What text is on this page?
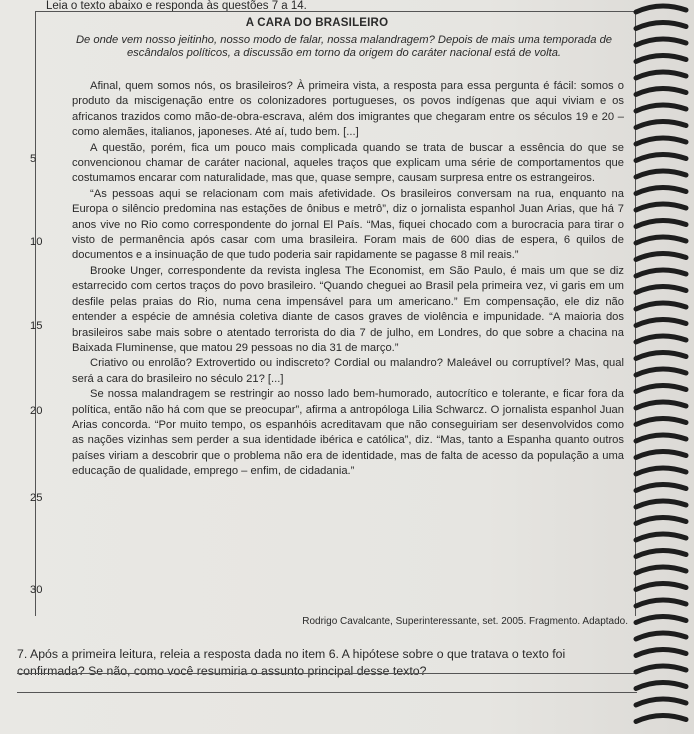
Leia o texto abaixo e responda às questões 7 a 14.
A CARA DO BRASILEIRO
De onde vem nosso jeitinho, nosso modo de falar, nossa malandragem? Depois de mais uma temporada de escândalos políticos, a discussão em torno da origem do caráter nacional está de volta.

Afinal, quem somos nós, os brasileiros? À primeira vista, a resposta para essa pergunta é fácil: somos o produto da miscigenação entre os colonizadores portugueses, os povos indígenas que aqui viviam e os africanos trazidos como mão-de-obra-escrava, além dos imigrantes que chegaram entre os séculos 19 e 20 – como alemães, italianos, japoneses. Até aí, tudo bem. [...]

A questão, porém, fica um pouco mais complicada quando se trata de buscar a essência do que se convencionou chamar de caráter nacional, aqueles traços que explicam uma série de comportamentos que costumamos encarar com naturalidade, mas que, quase sempre, causam surpresa entre os estrangeiros.

“As pessoas aqui se relacionam com mais afetividade. Os brasileiros conversam na rua, enquanto na Europa o silêncio predomina nas estações de ônibus e metrô”, diz o jornalista espanhol Juan Arias, que há 7 anos vive no Rio como correspondente do jornal El País. “Mas, fiquei chocado com a burocracia para tirar o visto de permanência após casar com uma brasileira. Foram mais de 600 dias de espera, 6 quilos de documentos e a insinuação de que tudo poderia sair rapidamente se pagasse 8 mil reais.”

Brooke Unger, correspondente da revista inglesa The Economist, em São Paulo, é mais um que se diz estarrecido com certos traços do povo brasileiro. “Quando cheguei ao Brasil pela primeira vez, vi garis em um desfile pelas praias do Rio, numa cena impensável para um americano.” Em compensação, ele diz não entender a espécie de amnésia coletiva diante de casos graves de violência e impunidade. “A maioria dos brasileiros sabe mais sobre o atentado terrorista do dia 7 de julho, em Londres, do que sobre a chacina na Baixada Fluminense, que matou 29 pessoas no dia 31 de março.”

Criativo ou enrolão? Extrovertido ou indiscreto? Cordial ou malandro? Maleável ou corruptível? Mas, qual será a cara do brasileiro no século 21? [...]

Se nossa malandragem se restringir ao nosso lado bem-humorado, autocrítico e tolerante, e ficar fora da política, então não há com que se preocupar”, afirma a antropóloga Lilia Schwarcz. O jornalista espanhol Juan Arias concorda. “Por muito tempo, os espanhóis acreditavam que não conseguiriam ser desenvolvidos como as nações vizinhas sem perder a sua identidade ibérica e católica”, diz. “Mas, tanto a Espanha quanto outros países viriam a descobrir que o problema não era de identidade, mas de falta de acesso da população a uma educação de qualidade, emprego – enfim, de cidadania.”

5
10
15
20
25
30
Rodrigo Cavalcante, Superinteressante, set. 2005. Fragmento. Adaptado.
7. Após a primeira leitura, releia a resposta dada no item 6. A hipótese sobre o que tratava o texto foi confirmada? Se não, como você resumiria o assunto principal desse texto?
